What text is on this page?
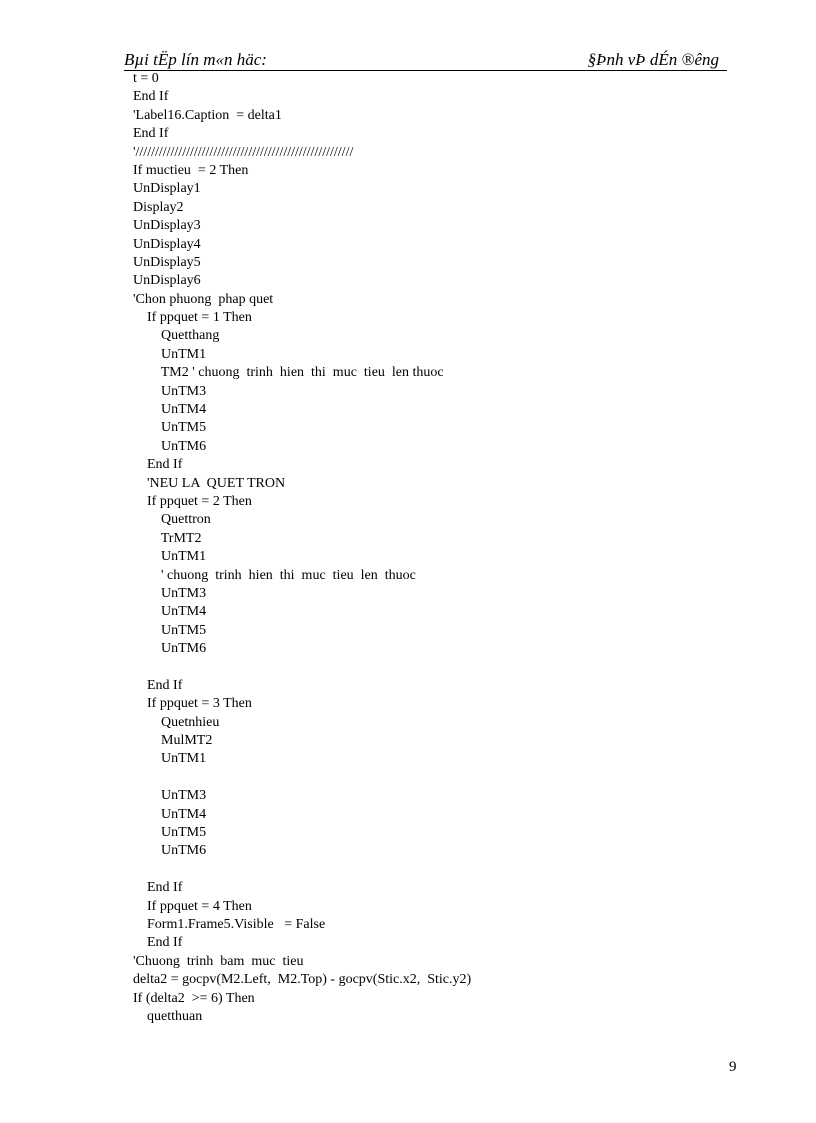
Bµi tËp lín m«n häc:	§Þnh vÞ dÉn ®êng
t = 0
End If
'Label16.Caption  = delta1
End If
'////////////////////////////////////////////////////////
If muctieu  = 2 Then
UnDisplay1
Display2
UnDisplay3
UnDisplay4
UnDisplay5
UnDisplay6
'Chon phuong  phap quet
If ppquet = 1 Then
Quetthang
UnTM1
TM2 ' chuong  trinh  hien  thi  muc  tieu  len thuoc
UnTM3
UnTM4
UnTM5
UnTM6
End If
'NEU LA  QUET TRON
If ppquet = 2 Then
Quettron
TrMT2
UnTM1
' chuong  trinh  hien  thi  muc  tieu  len  thuoc
UnTM3
UnTM4
UnTM5
UnTM6
End If
If ppquet = 3 Then
Quetnhieu
MulMT2
UnTM1
UnTM3
UnTM4
UnTM5
UnTM6
End If
If ppquet = 4 Then
Form1.Frame5.Visible   = False
End If
'Chuong  trinh  bam  muc  tieu
delta2 = gocpv(M2.Left,  M2.Top) - gocpv(Stic.x2,  Stic.y2)
If (delta2  >= 6) Then
quetthuan
9
